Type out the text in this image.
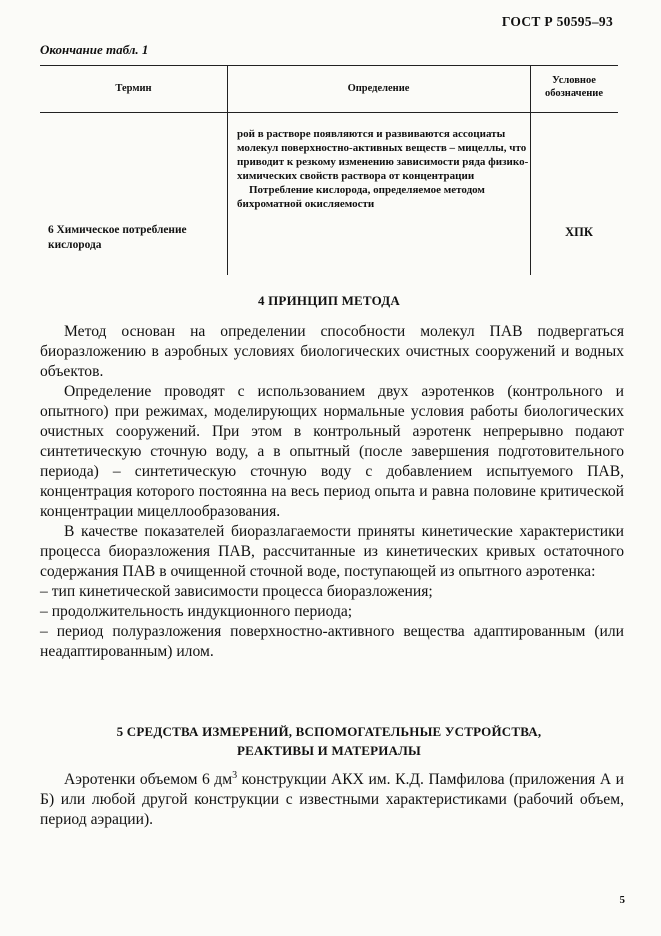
ГОСТ Р 50595–93
Окончание табл. 1
Термин	Определение
Условное обозначение

рой в растворе появляются и развиваются ассоциаты молекул поверхностно-активных веществ – мицеллы, что приводит к резкому изменению зависимости ряда физико-химических свойств раствора от концентрации

Потребление кислорода, определяемое методом бихроматной окисляемости

6 Химическое потребление кислорода
ХПК
4 ПРИНЦИП МЕТОДА

Метод основан на определении способности молекул ПАВ подвергаться биоразложению в аэробных условиях биологических очистных сооружений и водных объектов.

Определение проводят с использованием двух аэротенков (контрольного и опытного) при режимах, моделирующих нормальные условия работы биологических очистных сооружений. При этом в контрольный аэротенк непрерывно подают синтетическую сточную воду, а в опытный (после завершения подготовительного периода) – синтетическую сточную воду с добавлением испытуемого ПАВ, концентрация которого постоянна на весь период опыта и равна половине критической концентрации мицеллообразования.

В качестве показателей биоразлагаемости приняты кинетические характеристики процесса биоразложения ПАВ, рассчитанные из кинетических кривых остаточного содержания ПАВ в очищенной сточной воде, поступающей из опытного аэротенка:

– тип кинетической зависимости процесса биоразложения;

– продолжительность индукционного периода;

– период полуразложения поверхностно-активного вещества адаптированным (или неадаптированным) илом.

5 СРЕДСТВА ИЗМЕРЕНИЙ, ВСПОМОГАТЕЛЬНЫЕ УСТРОЙСТВА,
РЕАКТИВЫ И МАТЕРИАЛЫ

Аэротенки объемом 6 $дм^3$ конструкции АКХ им. К.Д. Памфилова (приложения А и Б) или любой другой конструкции с известными характеристиками (рабочий объем, период аэрации).

5
